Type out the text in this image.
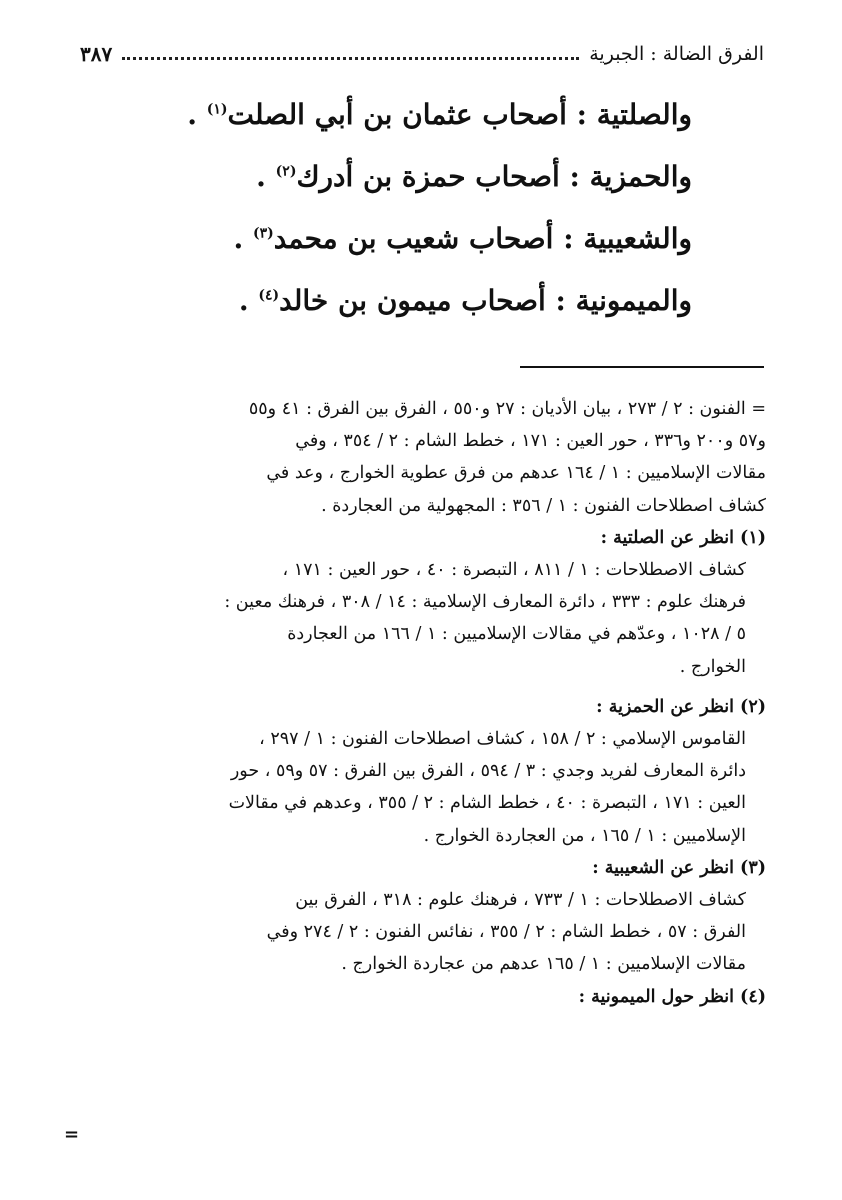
الفرق الضالة : الجبرية
٣٨٧
والصلتية : أصحاب عثمان بن أبي الصلت$^{(١)}$ .
والحمزية : أصحاب حمزة بن أدرك$^{(٢)}$ .
والشعيبية : أصحاب شعيب بن محمد$^{(٣)}$ .
والميمونية : أصحاب ميمون بن خالد$^{(٤)}$ .

= الفنون : ٢ / ٢٧٣ ، بيان الأديان : ٢٧ و٥٥٠ ، الفرق بين الفرق : ٤١ و٥٥

و٥٧ و٢٠٠ و٣٣٦ ، حور العين : ١٧١ ، خطط الشام : ٢ / ٣٥٤ ، وفي

مقالات الإسلاميين : ١ / ١٦٤ عدهم من فرق عطوية الخوارج ، وعد في

كشاف اصطلاحات الفنون : ١ / ٣٥٦ : المجهولية من العجاردة .

(١) انظر عن الصلتية :

كشاف الاصطلاحات : ١ / ٨١١ ، التبصرة : ٤٠ ، حور العين : ١٧١ ،

فرهنك علوم : ٣٣٣ ، دائرة المعارف الإسلامية : ١٤ / ٣٠٨ ، فرهنك معين :

٥ / ١٠٢٨ ، وعدّهم في مقالات الإسلاميين : ١ / ١٦٦ من العجاردة

الخوارج .

(٢) انظر عن الحمزية :

القاموس الإسلامي : ٢ / ١٥٨ ، كشاف اصطلاحات الفنون : ١ / ٢٩٧ ،

دائرة المعارف لفريد وجدي : ٣ / ٥٩٤ ، الفرق بين الفرق : ٥٧ و٥٩ ، حور

العين : ١٧١ ، التبصرة : ٤٠ ، خطط الشام : ٢ / ٣٥٥ ، وعدهم في مقالات

الإسلاميين : ١ / ١٦٥ ، من العجاردة الخوارج .

(٣) انظر عن الشعيبية :

كشاف الاصطلاحات : ١ / ٧٣٣ ، فرهنك علوم : ٣١٨ ، الفرق بين

الفرق : ٥٧ ، خطط الشام : ٢ / ٣٥٥ ، نفائس الفنون : ٢ / ٢٧٤ وفي

مقالات الإسلاميين : ١ / ١٦٥ عدهم من عجاردة الخوارج .

(٤) انظر حول الميمونية :

=
